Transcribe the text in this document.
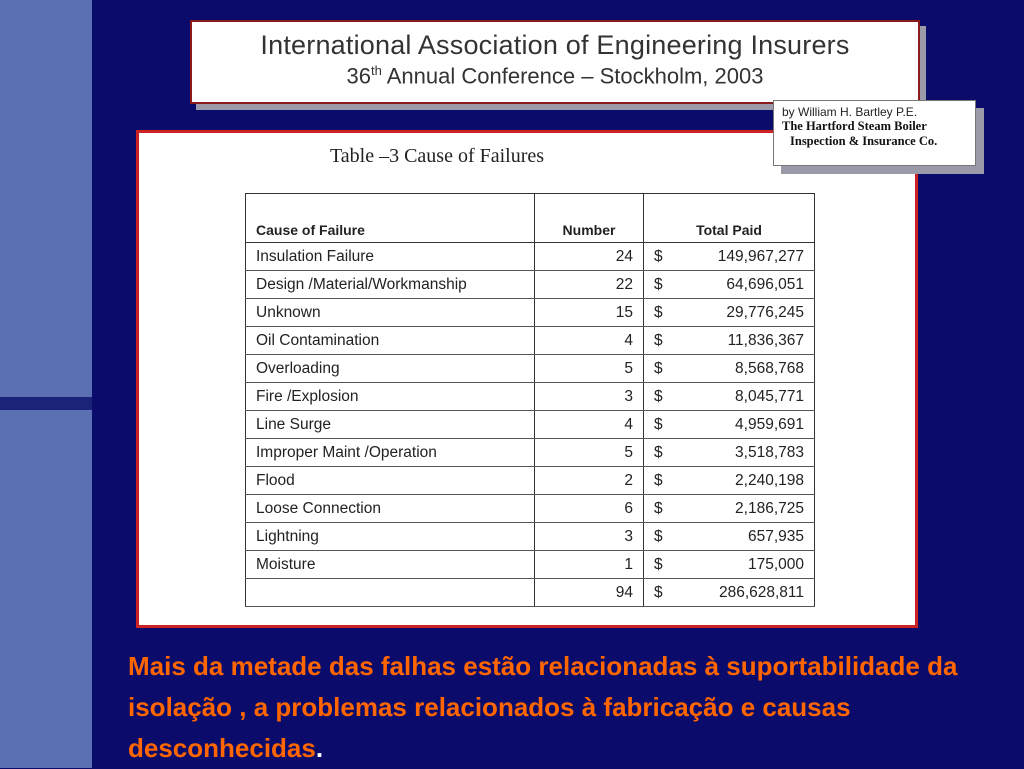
International Association of Engineering Insurers
36th Annual Conference – Stockholm, 2003
Table –3 Cause of Failures
Cause of Failure	Number	Total Paid	
Insulation Failure	24	$	149,967,277
Design /Material/Workmanship	22	$	64,696,051
Unknown	15	$	29,776,245
Oil Contamination	4	$	11,836,367
Overloading	5	$	8,568,768
Fire /Explosion	3	$	8,045,771
Line Surge	4	$	4,959,691
Improper Maint /Operation	5	$	3,518,783
Flood	2	$	2,240,198
Loose Connection	6	$	2,186,725
Lightning	3	$	657,935
Moisture	1	$	175,000
	94	$	286,628,811
by William H. Bartley P.E.
The Hartford Steam Boiler
Inspection & Insurance Co.
Mais da metade das falhas estão relacionadas à suportabilidade da isolação , a problemas relacionados à fabricação e causas desconhecidas.
